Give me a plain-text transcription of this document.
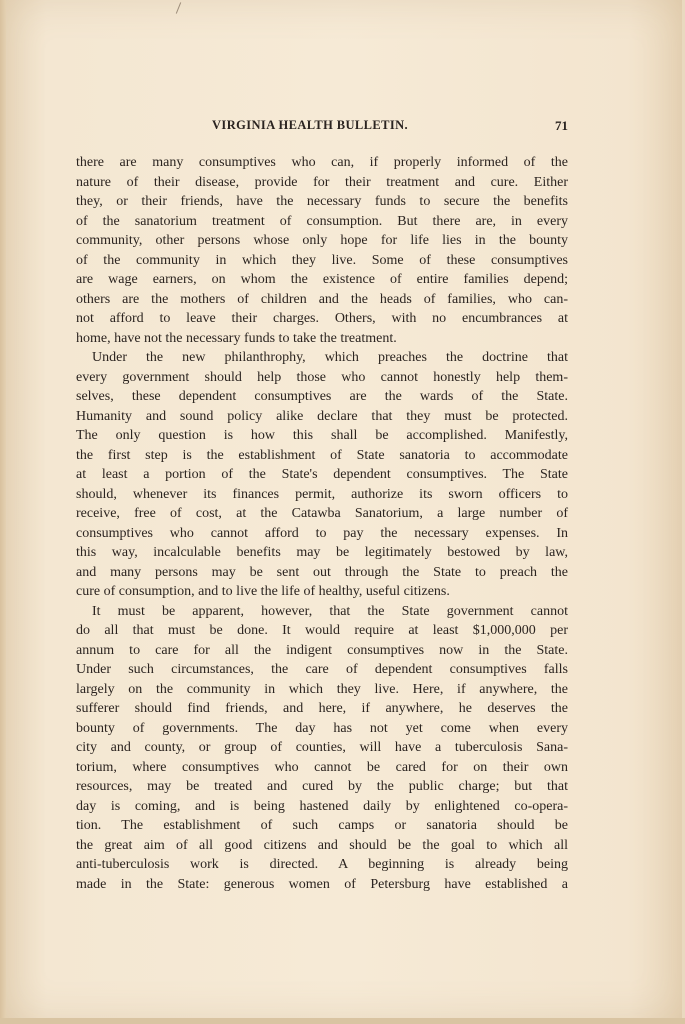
VIRGINIA HEALTH BULLETIN.	71
there are many consumptives who can, if properly informed of the
nature of their disease, provide for their treatment and cure. Either
they, or their friends, have the necessary funds to secure the benefits
of the sanatorium treatment of consumption. But there are, in every
community, other persons whose only hope for life lies in the bounty
of the community in which they live. Some of these consumptives
are wage earners, on whom the existence of entire families depend;
others are the mothers of children and the heads of families, who can-
not afford to leave their charges. Others, with no encumbrances at
home, have not the necessary funds to take the treatment.
Under the new philanthrophy, which preaches the doctrine that
every government should help those who cannot honestly help them-
selves, these dependent consumptives are the wards of the State.
Humanity and sound policy alike declare that they must be protected.
The only question is how this shall be accomplished. Manifestly,
the first step is the establishment of State sanatoria to accommodate
at least a portion of the State's dependent consumptives. The State
should, whenever its finances permit, authorize its sworn officers to
receive, free of cost, at the Catawba Sanatorium, a large number of
consumptives who cannot afford to pay the necessary expenses. In
this way, incalculable benefits may be legitimately bestowed by law,
and many persons may be sent out through the State to preach the
cure of consumption, and to live the life of healthy, useful citizens.
It must be apparent, however, that the State government cannot
do all that must be done. It would require at least $1,000,000 per
annum to care for all the indigent consumptives now in the State.
Under such circumstances, the care of dependent consumptives falls
largely on the community in which they live. Here, if anywhere, the
sufferer should find friends, and here, if anywhere, he deserves the
bounty of governments. The day has not yet come when every
city and county, or group of counties, will have a tuberculosis Sana-
torium, where consumptives who cannot be cared for on their own
resources, may be treated and cured by the public charge; but that
day is coming, and is being hastened daily by enlightened co-opera-
tion. The establishment of such camps or sanatoria should be
the great aim of all good citizens and should be the goal to which all
anti-tuberculosis work is directed. A beginning is already being
made in the State: generous women of Petersburg have established a
